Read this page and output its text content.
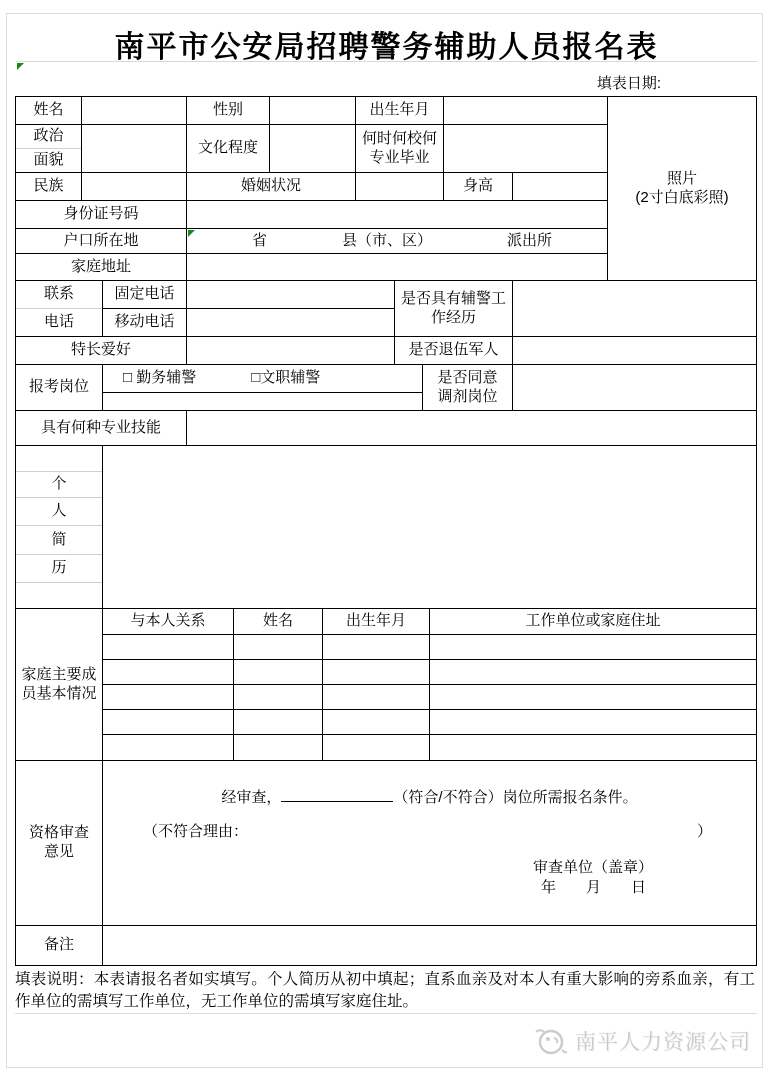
南平市公安局招聘警务辅助人员报名表
填表日期:
姓名		性别		出生年月			照片
(2寸白底彩照)

政治
面貌		文化程度		何时何校何专业毕业			
民族		婚姻状况			身高		
身份证号码							
户口所在地		省 县（市、区） 派出所					

家庭地址							
联系
电话	固定电话		是否具有辅警工作经历		
	移动电话				
特长爱好			是否退伍军人		
报考岗位	□ 勤务辅警 □文职辅警			是否同意调剂岗位	
具有何种专业技能	
个
人
简
历

家庭主要成员基本情况	与本人关系	姓名	出生年月	工作单位或家庭住址

资格审查意见	
经审查，	（符合/不符合）岗位所需报名条件。
（不符合理由：	）
审查单位（盖章）
年　　月　　日
备注	
填表说明：本表请报名者如实填写。个人简历从初中填起；直系血亲及对本人有重大影响的旁系血亲，有工作单位的需填写工作单位，无工作单位的需填写家庭住址。
南平人力资源公司
